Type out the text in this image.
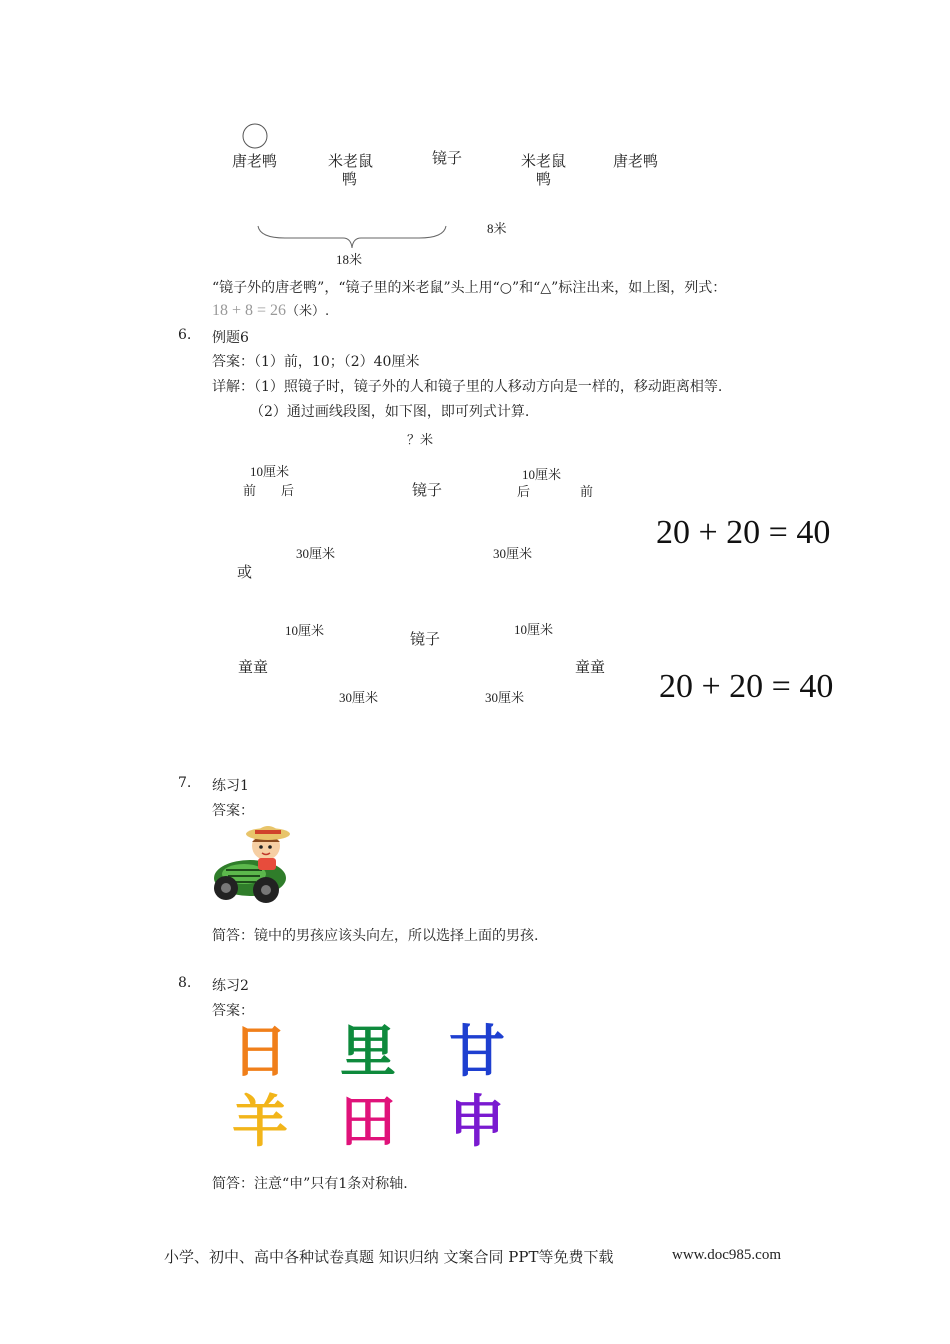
唐老鸭	米老鼠
鸭
镜子	米老鼠
鸭
唐老鸭
8米
18米
“镜子外的唐老鸭”，“镜子里的米老鼠”头上用“○”和“△”标注出来，如上图，列式：
18 + 8 = 26（米）.
6. 例题6
答案：（1）前，10；（2）40厘米
详解：（1）照镜子时，镜子外的人和镜子里的人移动方向是一样的，移动距离相等.
（2）通过画线段图，如下图，即可列式计算.
？米
10厘米
前 后	镜子
10厘米
后	前
30厘米	30厘米
20 + 20 = 40
或
10厘米	镜子
10厘米
童童	童童
30厘米	30厘米	20 + 20 = 40
7. 练习1
答案：
简答：镜中的男孩应该头向左，所以选择上面的男孩.
8. 练习2
答案：
日 里 甘
羊 田 申
简答：注意“申”只有1条对称轴.
小学、初中、高中各种试卷真题 知识归纳 文案合同 PPT等免费下载	www.doc985.com
